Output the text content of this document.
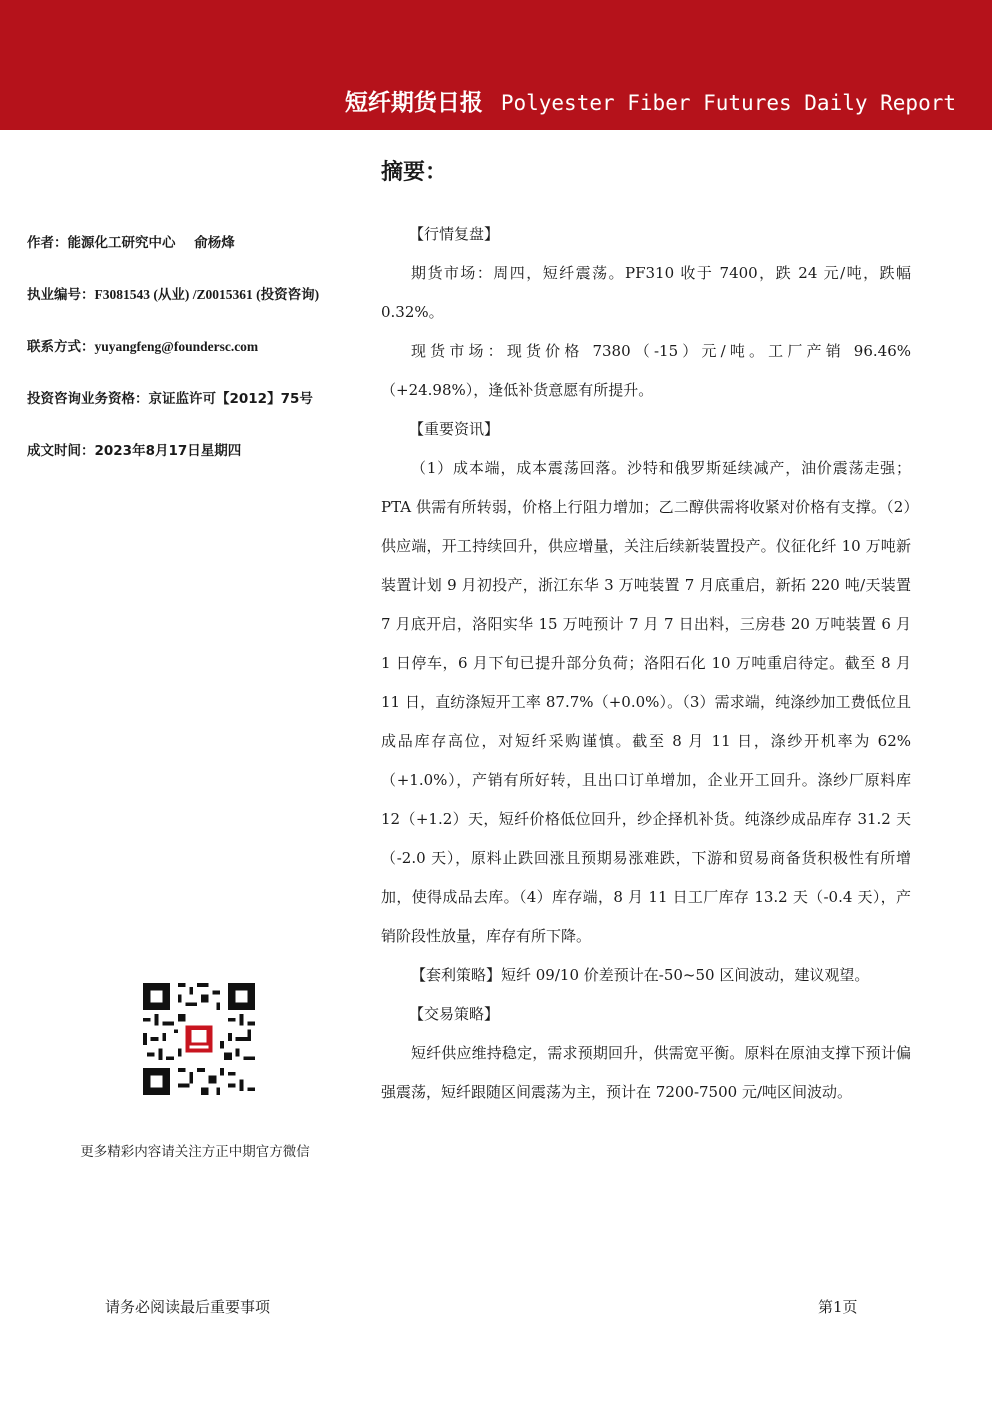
短纤期货日报 Polyester Fiber Futures Daily Report
摘要：
作者：能源化工研究中心    俞杨烽
执业编号：F3081543 (从业) /Z0015361 (投资咨询)
联系方式：yuyangfeng@foundersc.com
投资咨询业务资格：京证监许可【2012】75号
成文时间：2023年8月17日星期四
更多精彩内容请关注方正中期官方微信

【行情复盘】

期货市场：周四，短纤震荡。PF310 收于 7400，跌 24 元/吨，跌幅 0.32%。

现货市场：现货价格 7380（-15）元/吨。工厂产销 96.46%（+24.98%），逢低补货意愿有所提升。

【重要资讯】

（1）成本端，成本震荡回落。沙特和俄罗斯延续减产，油价震荡走强；PTA 供需有所转弱，价格上行阻力增加；乙二醇供需将收紧对价格有支撑。（2）供应端，开工持续回升，供应增量，关注后续新装置投产。仪征化纤 10 万吨新装置计划 9 月初投产，浙江东华 3 万吨装置 7 月底重启，新拓 220 吨/天装置 7 月底开启，洛阳实华 15 万吨预计 7 月 7 日出料，三房巷 20 万吨装置 6 月 1 日停车，6 月下旬已提升部分负荷；洛阳石化 10 万吨重启待定。截至 8 月 11 日，直纺涤短开工率 87.7%（+0.0%）。（3）需求端，纯涤纱加工费低位且成品库存高位，对短纤采购谨慎。截至 8 月 11 日，涤纱开机率为 62%（+1.0%），产销有所好转，且出口订单增加，企业开工回升。涤纱厂原料库 12（+1.2）天，短纤价格低位回升，纱企择机补货。纯涤纱成品库存 31.2 天（-2.0 天），原料止跌回涨且预期易涨难跌，下游和贸易商备货积极性有所增加，使得成品去库。（4）库存端，8 月 11 日工厂库存 13.2 天（-0.4 天），产销阶段性放量，库存有所下降。

【套利策略】短纤 09/10 价差预计在-50~50 区间波动，建议观望。

【交易策略】

短纤供应维持稳定，需求预期回升，供需宽平衡。原料在原油支撑下预计偏强震荡，短纤跟随区间震荡为主，预计在 7200-7500 元/吨区间波动。

请务必阅读最后重要事项	第1页
